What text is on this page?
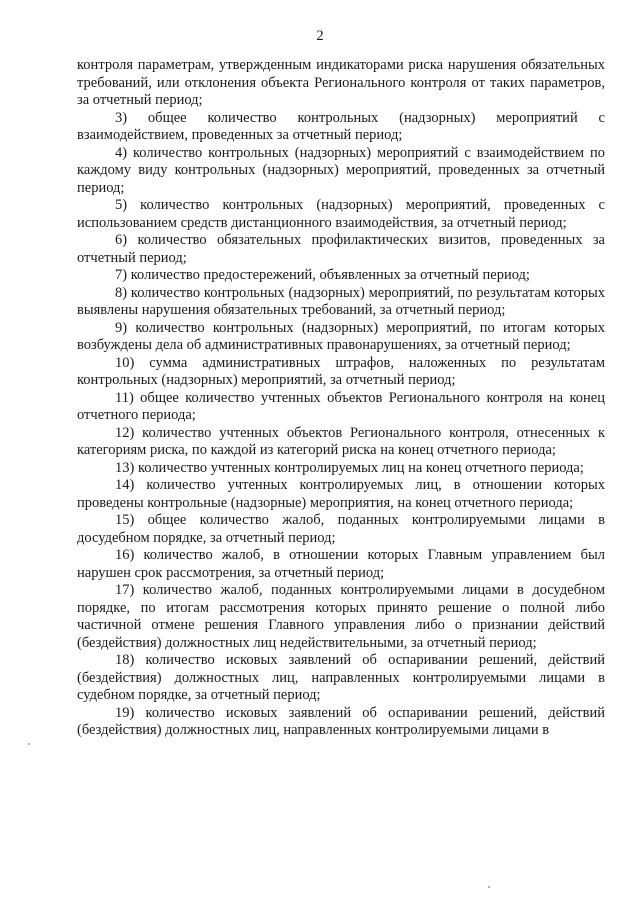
2

контроля параметрам, утвержденным индикаторами риска нарушения обязательных требований, или отклонения объекта Регионального контроля от таких параметров, за отчетный период;

3) общее количество контрольных (надзорных) мероприятий с взаимодействием, проведенных за отчетный период;

4) количество контрольных (надзорных) мероприятий с взаимодействием по каждому виду контрольных (надзорных) мероприятий, проведенных за отчетный период;

5) количество контрольных (надзорных) мероприятий, проведенных с использованием средств дистанционного взаимодействия, за отчетный период;

6) количество обязательных профилактических визитов, проведенных за отчетный период;

7) количество предостережений, объявленных за отчетный период;

8) количество контрольных (надзорных) мероприятий, по результатам которых выявлены нарушения обязательных требований, за отчетный период;

9) количество контрольных (надзорных) мероприятий, по итогам которых возбуждены дела об административных правонарушениях, за отчетный период;

10) сумма административных штрафов, наложенных по результатам контрольных (надзорных) мероприятий, за отчетный период;

11) общее количество учтенных объектов Регионального контроля на конец отчетного периода;

12) количество учтенных объектов Регионального контроля, отнесенных к категориям риска, по каждой из категорий риска на конец отчетного периода;

13) количество учтенных контролируемых лиц на конец отчетного периода;

14) количество учтенных контролируемых лиц, в отношении которых проведены контрольные (надзорные) мероприятия, на конец отчетного периода;

15) общее количество жалоб, поданных контролируемыми лицами в досудебном порядке, за отчетный период;

16) количество жалоб, в отношении которых Главным управлением был нарушен срок рассмотрения, за отчетный период;

17) количество жалоб, поданных контролируемыми лицами в досудебном порядке, по итогам рассмотрения которых принято решение о полной либо частичной отмене решения Главного управления либо о признании действий (бездействия) должностных лиц недействительными, за отчетный период;

18) количество исковых заявлений об оспаривании решений, действий (бездействия) должностных лиц, направленных контролируемыми лицами в судебном порядке, за отчетный период;

19) количество исковых заявлений об оспаривании решений, действий (бездействия) должностных лиц, направленных контролируемыми лицами в
